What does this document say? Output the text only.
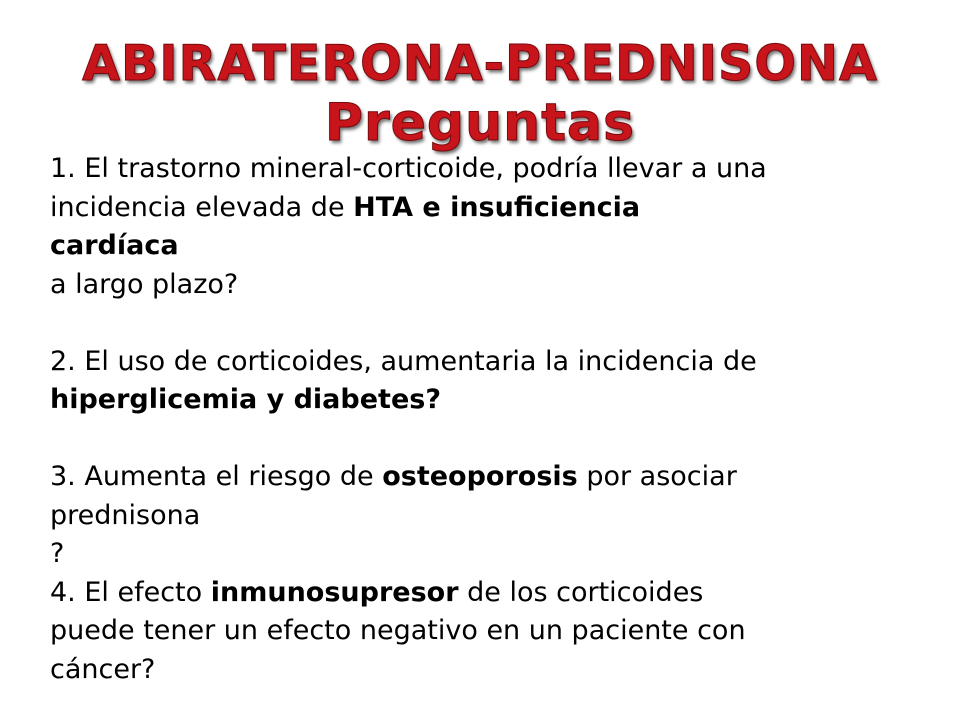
ABIRATERONA-PREDNISONA
Preguntas
1. El trastorno mineral-corticoide, podría llevar a una
incidencia elevada de HTA e insuficiencia
cardíaca
a largo plazo?
2. El uso de corticoides, aumentaria la incidencia de
hiperglicemia y diabetes?
3. Aumenta el riesgo de osteoporosis por asociar
prednisona
?
4. El efecto inmunosupresor de los corticoides
puede tener un efecto negativo en un paciente con
cáncer?
